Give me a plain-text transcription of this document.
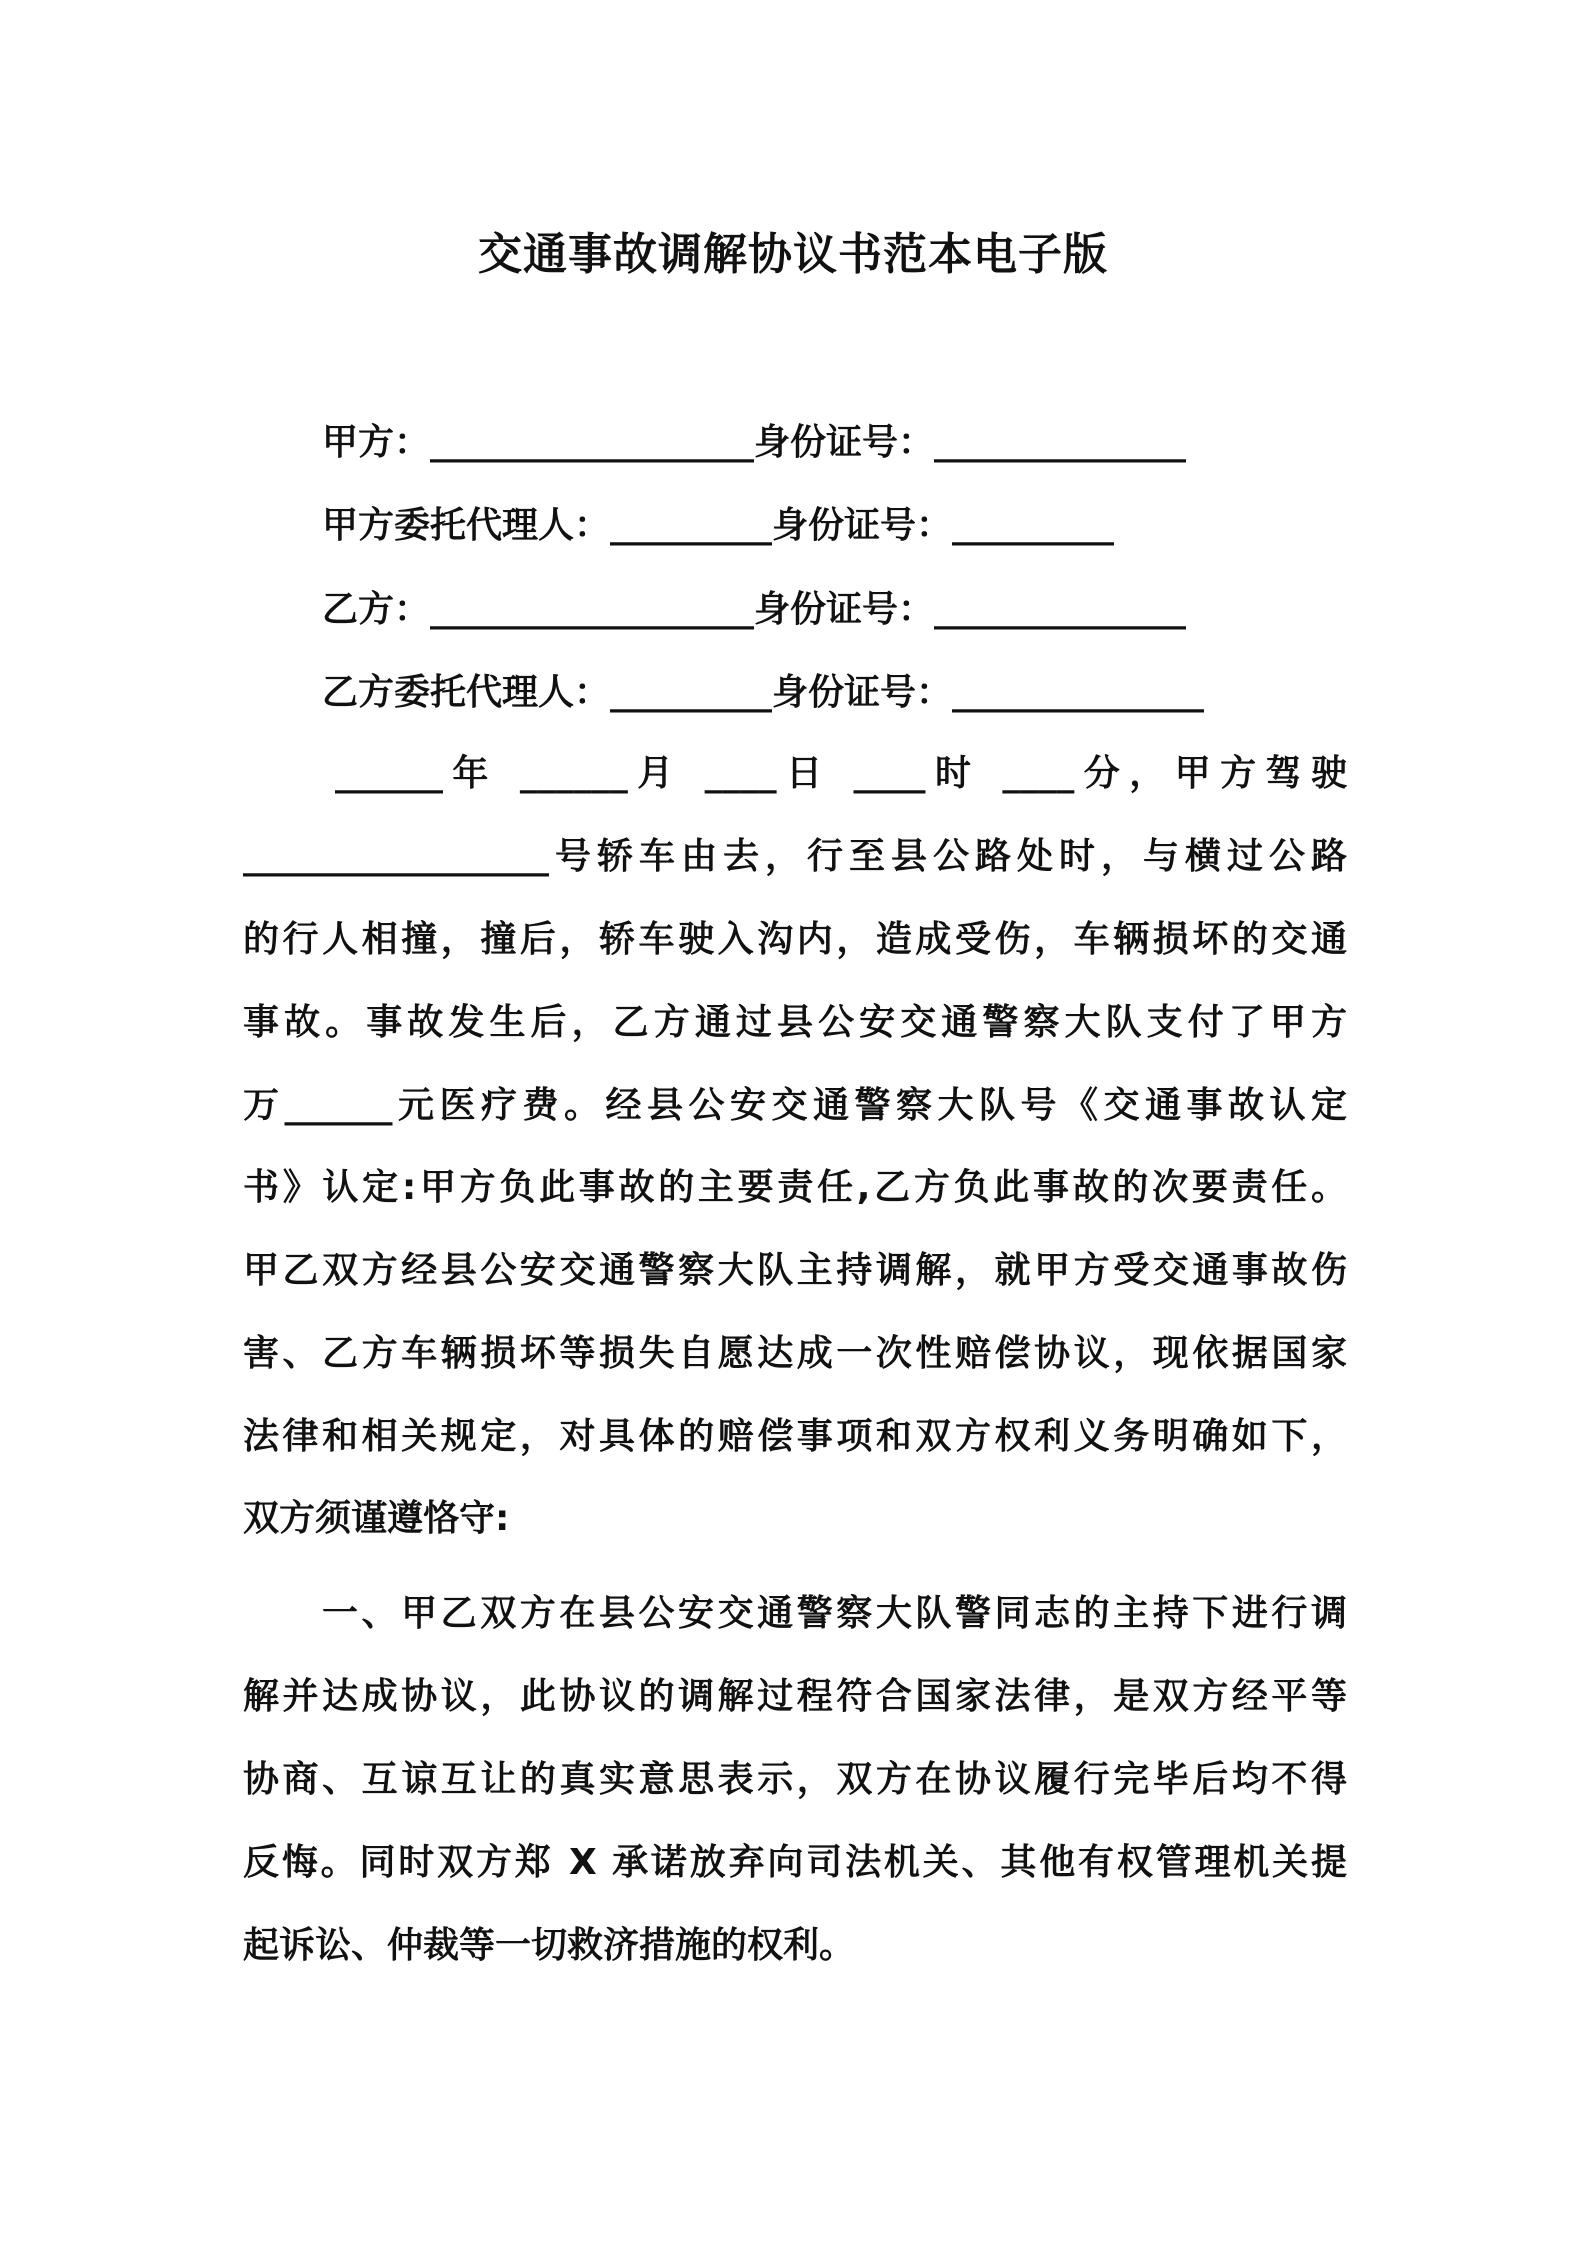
交通事故调解协议书范本电子版
甲方：__________________身份证号：______________
甲方委托代理人：_________身份证号：_________
乙方：__________________身份证号：______________
乙方委托代理人：_________身份证号：______________
______年 ______月 ____日 ____时 ____分，甲方驾驶
_________________号轿车由去，行至县公路处时，与横过公路
的行人相撞，撞后，轿车驶入沟内，造成受伤，车辆损坏的交通
事故。事故发生后，乙方通过县公安交通警察大队支付了甲方
万______元医疗费。经县公安交通警察大队号《交通事故认定
书》认定:甲方负此事故的主要责任,乙方负此事故的次要责任。
甲乙双方经县公安交通警察大队主持调解，就甲方受交通事故伤
害、乙方车辆损坏等损失自愿达成一次性赔偿协议，现依据国家
法律和相关规定，对具体的赔偿事项和双方权利义务明确如下，
双方须谨遵恪守:
一、甲乙双方在县公安交通警察大队警同志的主持下进行调
解并达成协议，此协议的调解过程符合国家法律，是双方经平等
协商、互谅互让的真实意思表示，双方在协议履行完毕后均不得
反悔。同时双方郑 X 承诺放弃向司法机关、其他有权管理机关提
起诉讼、仲裁等一切救济措施的权利。
